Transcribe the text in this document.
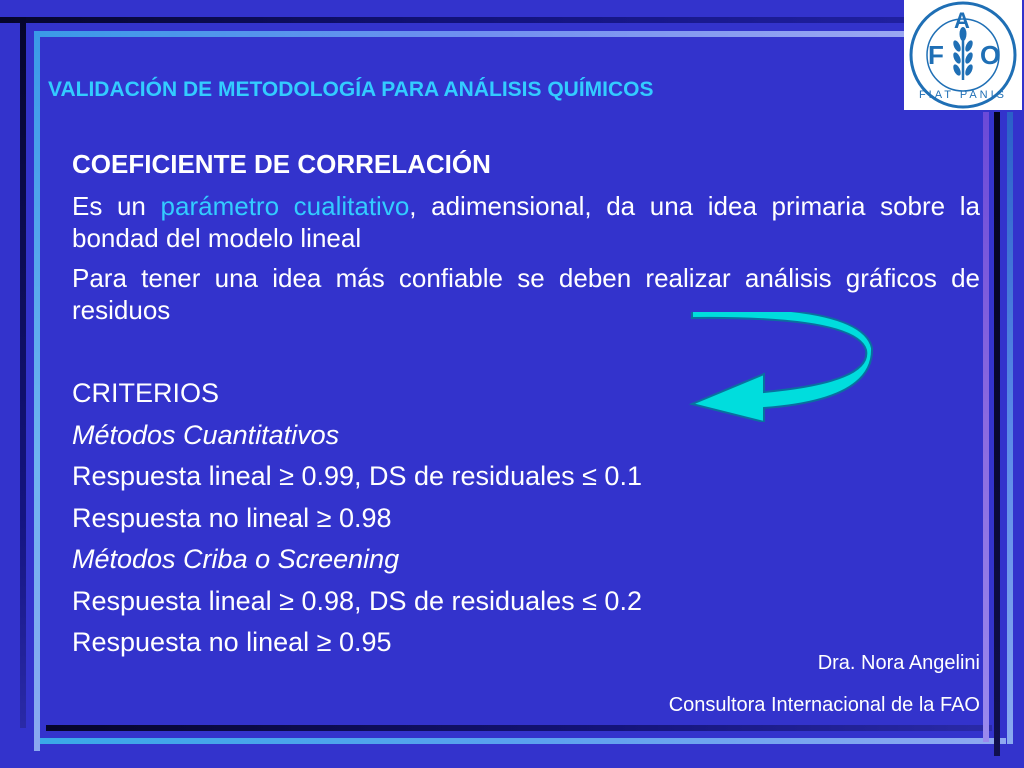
F
A
O
FIAT PANIS
VALIDACIÓN DE METODOLOGÍA PARA ANÁLISIS QUÍMICOS

COEFICIENTE DE CORRELACIÓN

Es un parámetro cualitativo, adimensional, da una idea primaria sobre la bondad del modelo lineal

Para tener una idea más confiable se deben realizar análisis gráficos de residuos

CRITERIOS

Métodos Cuantitativos

Respuesta lineal ≥ 0.99, DS de residuales ≤ 0.1

Respuesta no lineal ≥ 0.98

Métodos Criba o Screening

Respuesta lineal ≥ 0.98, DS de residuales ≤ 0.2

Respuesta no lineal ≥ 0.95

Dra. Nora Angelini
Consultora Internacional de la FAO
